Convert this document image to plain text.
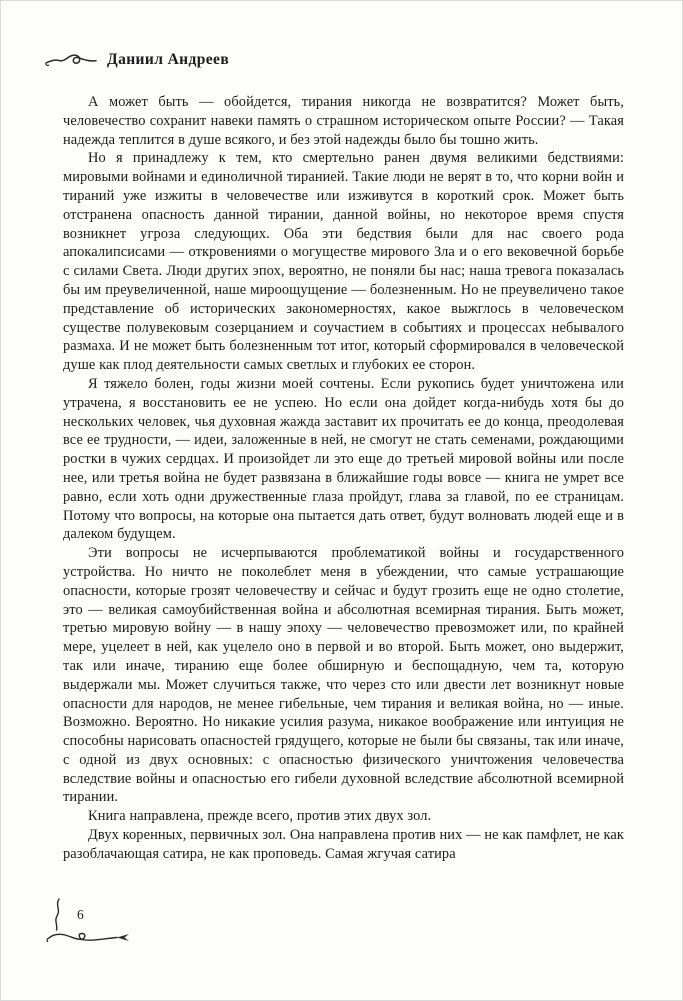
Даниил Андреев

А может быть — обойдется, тирания никогда не возвратится? Может быть, человечество сохранит навеки память о страшном историческом опыте России? — Такая надежда теплится в душе всякого, и без этой надежды было бы тошно жить.

Но я принадлежу к тем, кто смертельно ранен двумя великими бедствиями: мировыми войнами и единоличной тиранией. Такие люди не верят в то, что корни войн и тираний уже изжиты в человечестве или изживутся в короткий срок. Может быть отстранена опасность данной тирании, данной войны, но некоторое время спустя возникнет угроза следующих. Оба эти бедствия были для нас своего рода апокалипсисами — откровениями о могуществе мирового Зла и о его вековечной борьбе с силами Света. Люди других эпох, вероятно, не поняли бы нас; наша тревога показалась бы им преувеличенной, наше мироощущение — болезненным. Но не преувеличено такое представление об исторических закономерностях, какое выжглось в человеческом существе полувековым созерцанием и соучастием в событиях и процессах небывалого размаха. И не может быть болезненным тот итог, который сформировался в человеческой душе как плод деятельности самых светлых и глубоких ее сторон.

Я тяжело болен, годы жизни моей сочтены. Если рукопись будет уничтожена или утрачена, я восстановить ее не успею. Но если она дойдет когда-нибудь хотя бы до нескольких человек, чья духовная жажда заставит их прочитать ее до конца, преодолевая все ее трудности, — идеи, заложенные в ней, не смогут не стать семенами, рождающими ростки в чужих сердцах. И произойдет ли это еще до третьей мировой войны или после нее, или третья война не будет развязана в ближайшие годы вовсе — книга не умрет все равно, если хоть одни дружественные глаза пройдут, глава за главой, по ее страницам. Потому что вопросы, на которые она пытается дать ответ, будут волновать людей еще и в далеком будущем.

Эти вопросы не исчерпываются проблематикой войны и государственного устройства. Но ничто не поколеблет меня в убеждении, что самые устрашающие опасности, которые грозят человечеству и сейчас и будут грозить еще не одно столетие, это — великая самоубийственная война и абсолютная всемирная тирания. Быть может, третью мировую войну — в нашу эпоху — человечество превозможет или, по крайней мере, уцелеет в ней, как уцелело оно в первой и во второй. Быть может, оно выдержит, так или иначе, тиранию еще более обширную и беспощадную, чем та, которую выдержали мы. Может случиться также, что через сто или двести лет возникнут новые опасности для народов, не менее гибельные, чем тирания и великая война, но — иные. Возможно. Вероятно. Но никакие усилия разума, никакое воображение или интуиция не способны нарисовать опасностей грядущего, которые не были бы связаны, так или иначе, с одной из двух основных: с опасностью физического уничтожения человечества вследствие войны и опасностью его гибели духовной вследствие абсолютной всемирной тирании.

Книга направлена, прежде всего, против этих двух зол.

Двух коренных, первичных зол. Она направлена против них — не как памфлет, не как разоблачающая сатира, не как проповедь. Самая жгучая сатира

6
